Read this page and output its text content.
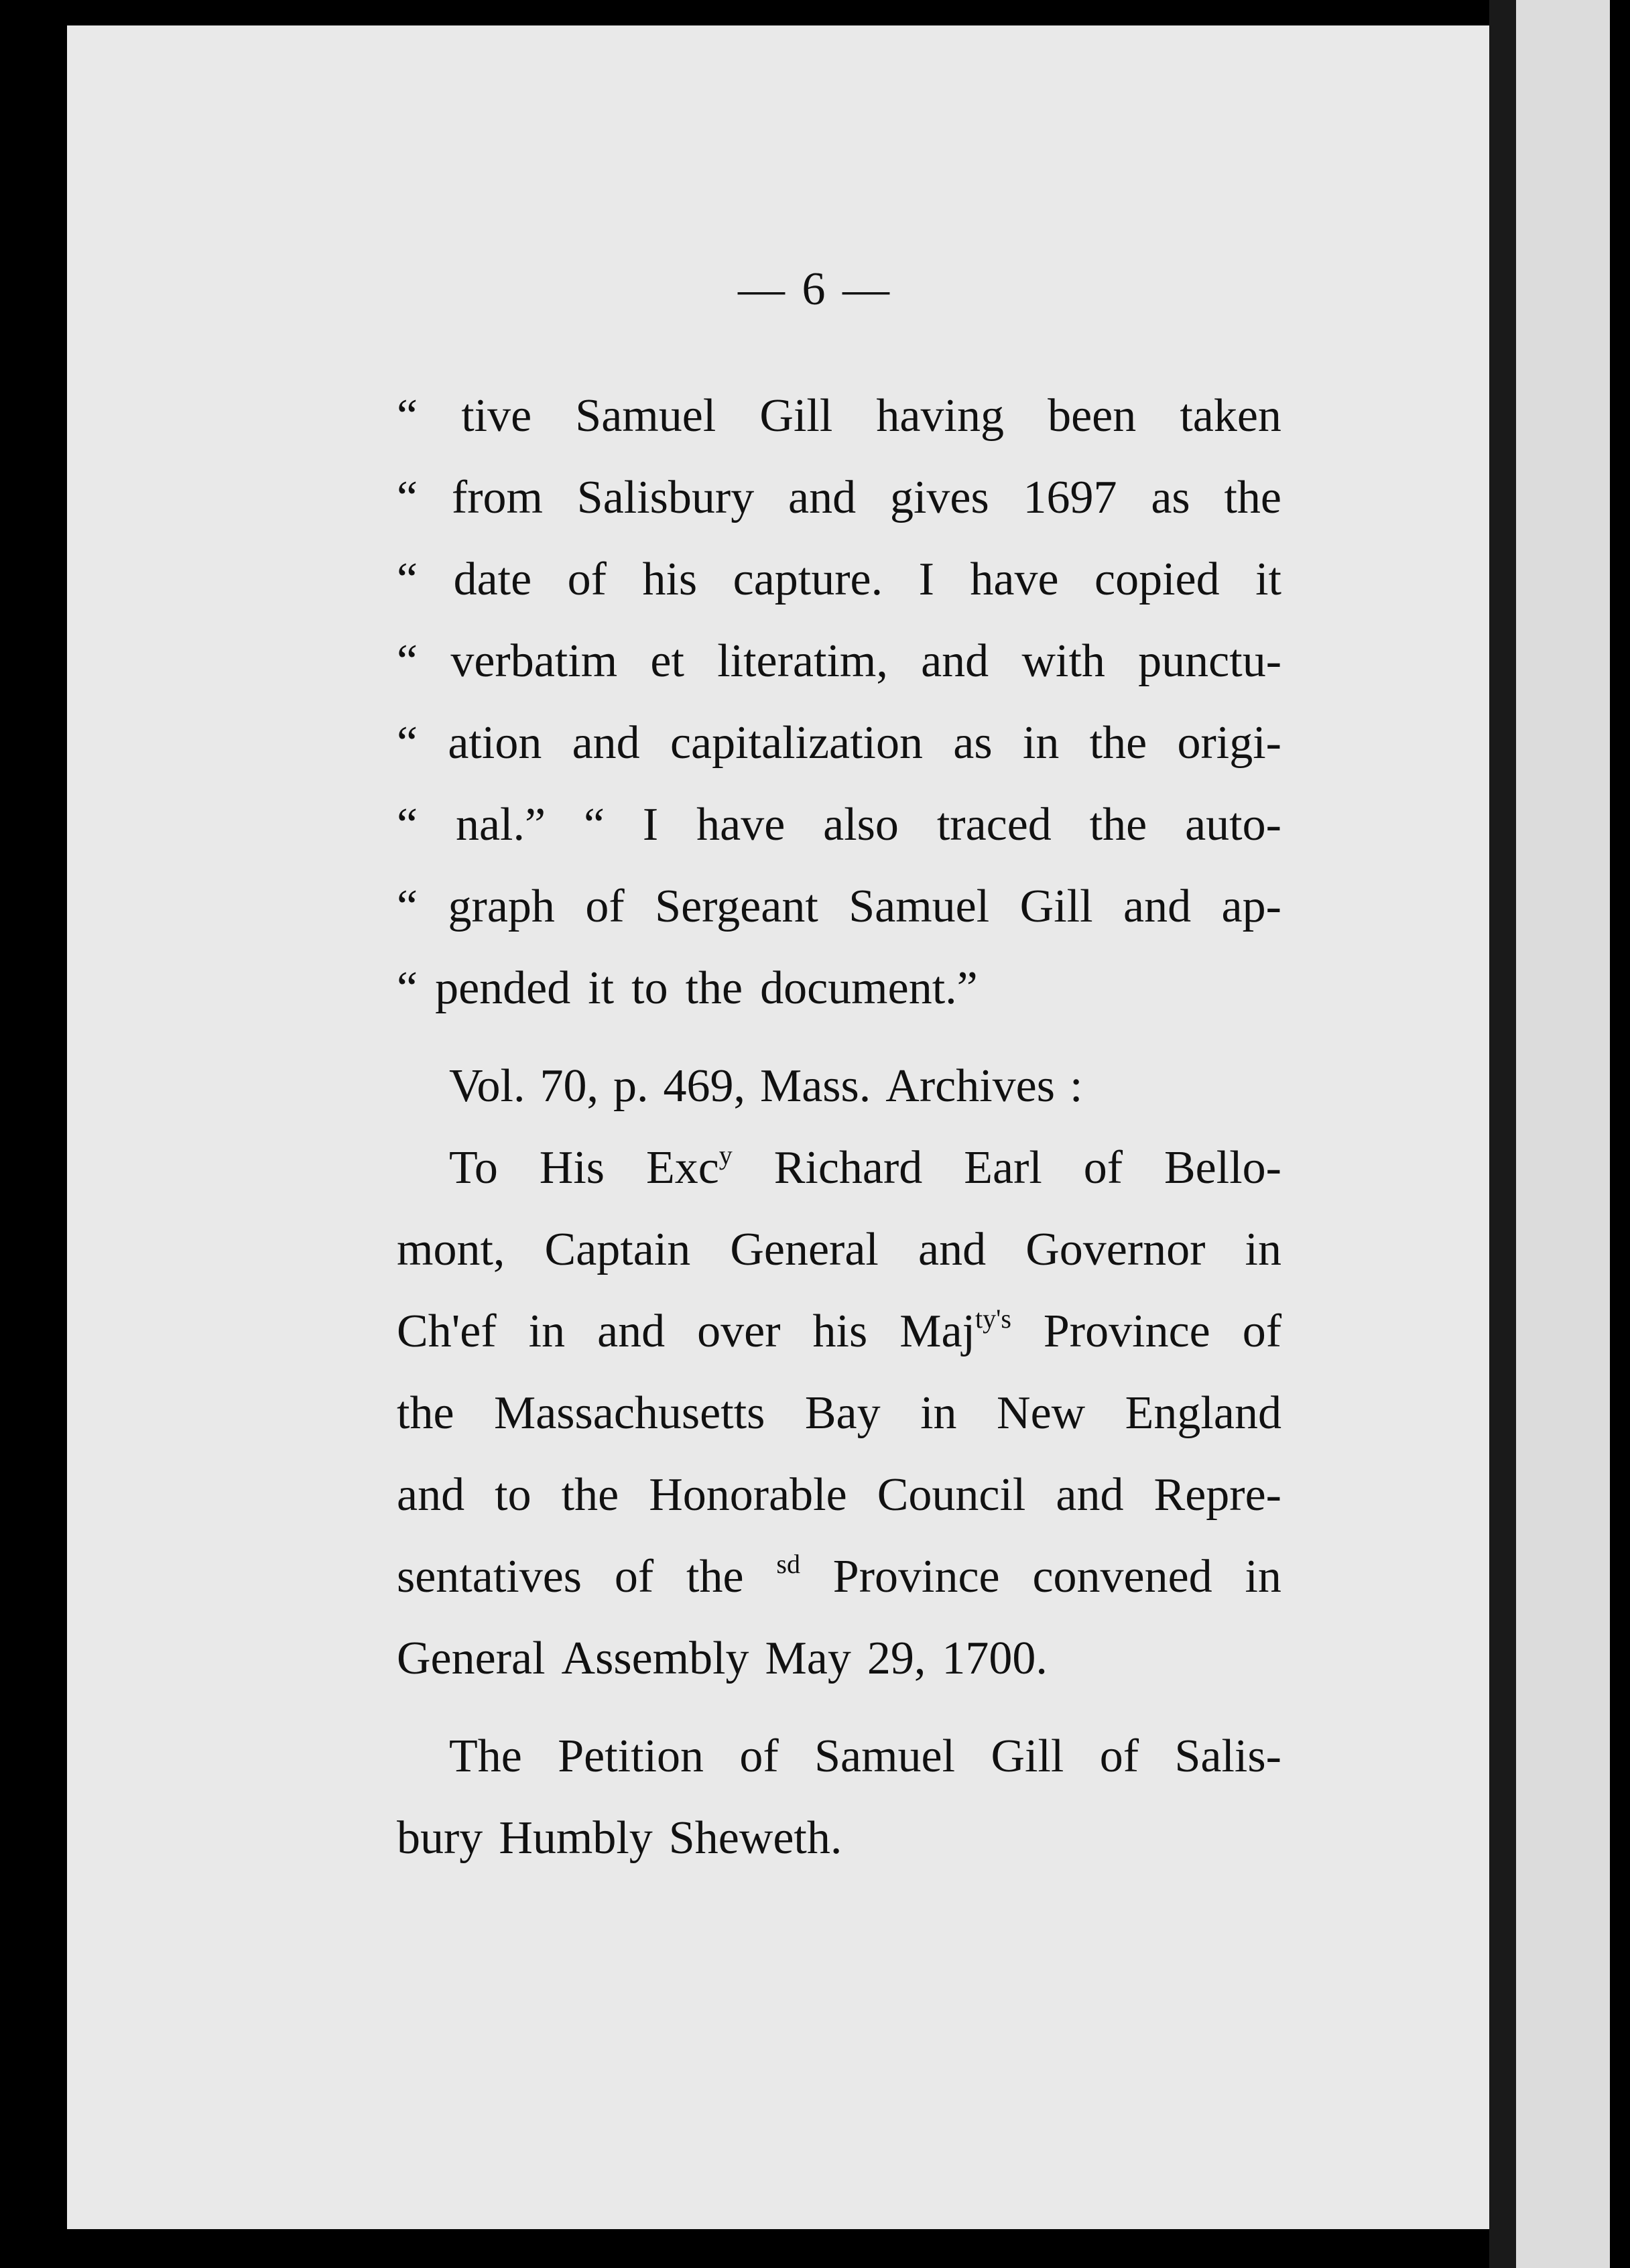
— 6 —
“ tive Samuel Gill having been taken
“ from Salisbury and gives 1697 as the
“ date of his capture. I have copied it
“ verbatim et literatim, and with punctu-
“ ation and capitalization as in the origi-
“ nal.” “ I have also traced the auto-
“ graph of Sergeant Samuel Gill and ap-
“ pended it to the document.”
Vol. 70, p. 469, Mass. Archives :
To His Exc$^y$ Richard Earl of Bello-
mont, Captain General and Governor in
Ch'ef in and over his Maj$^{ty's}$ Province of
the Massachusetts Bay in New England
and to the Honorable Council and Repre-
sentatives of the $^{sd}$ Province convened in
General Assembly May 29, 1700.
The Petition of Samuel Gill of Salis-
bury Humbly Sheweth.
